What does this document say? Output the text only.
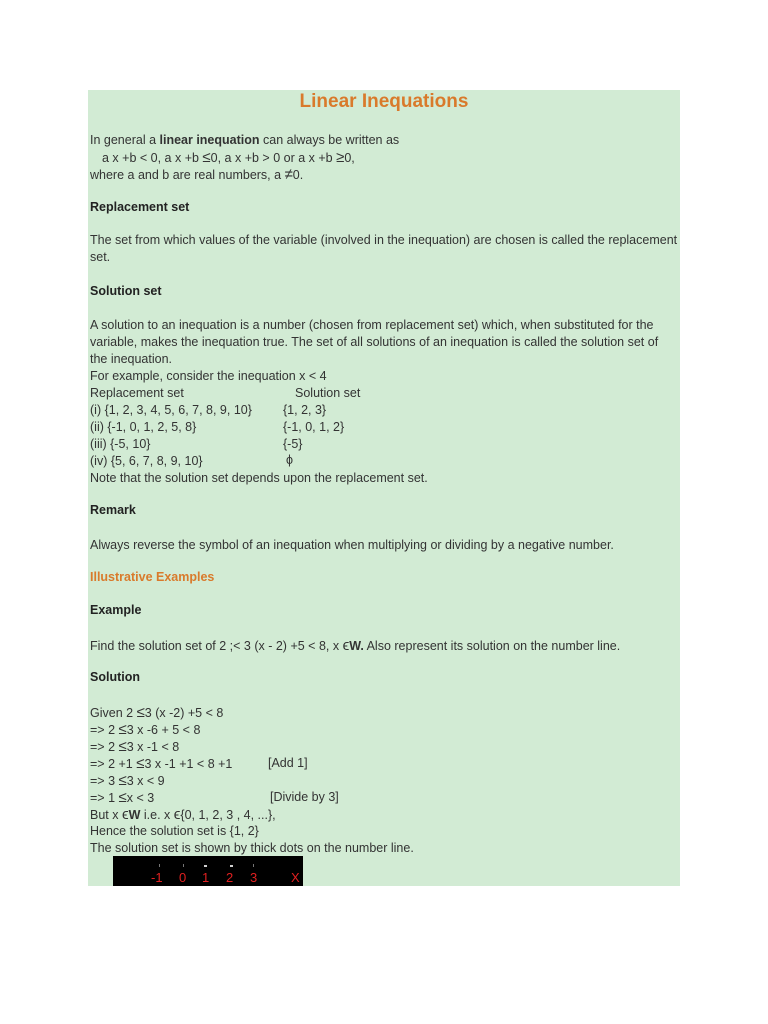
Linear Inequations
In general a linear inequation can always be written as
a x +b < 0, a x +b ≤0, a x +b > 0 or a x +b ≥0,
where a and b are real numbers, a ≠0.
Replacement set
The set from which values of the variable (involved in the inequation) are chosen is called the replacement set.
Solution set
A solution to an inequation is a number (chosen from replacement set) which, when substituted for the variable, makes the inequation true. The set of all solutions of an inequation is called the solution set of the inequation.
For example, consider the inequation x < 4
Replacement set	Solution set
(i) {1, 2, 3, 4, 5, 6, 7, 8, 9, 10} {1, 2, 3}
(ii) {-1, 0, 1, 2, 5, 8}	{-1, 0, 1, 2}
(iii) {-5, 10}	{-5}
(iv) {5, 6, 7, 8, 9, 10}	ϕ
Note that the solution set depends upon the replacement set.
Remark
Always reverse the symbol of an inequation when multiplying or dividing by a negative number.
Illustrative Examples
Example
Find the solution set of 2 ;< 3 (x - 2) +5 < 8, x ϵW. Also represent its solution on the number line.
Solution
Given 2 ≤3 (x -2) +5 < 8
=> 2 ≤3 x -6 + 5 < 8
=> 2 ≤3 x -1 < 8
=> 2 +1 ≤3 x -1 +1 < 8 +1	[Add 1]
=> 3 ≤3 x < 9
=> 1 ≤x < 3	[Divide by 3]
But x ϵW i.e. x ϵ{0, 1, 2, 3 , 4, ...},
Hence the solution set is {1, 2}
The solution set is shown by thick dots on the number line.
-1 0 1 2 3	X
